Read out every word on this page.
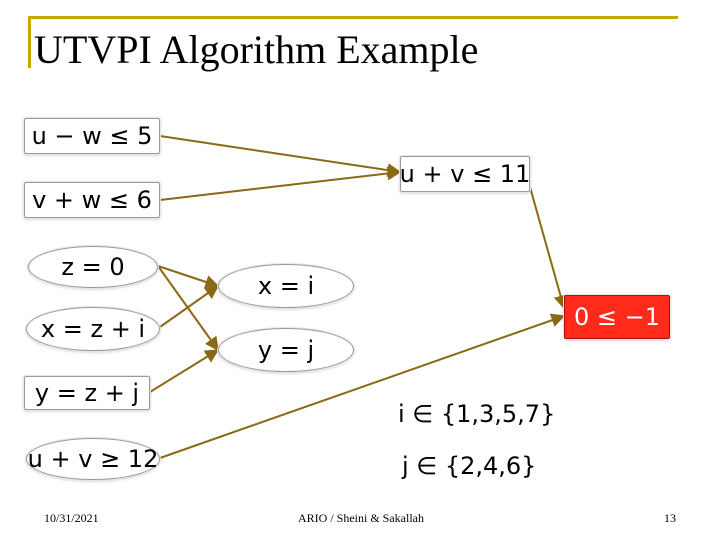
UTVPI Algorithm Example
u − w ≤ 5
v + w ≤ 6
z = 0
x = z + i
y = z + j
u + v ≥ 12
u + v ≤ 11
x = i
y = j
0 ≤ −1
i ∈ {1,3,5,7}
j ∈ {2,4,6}
10/31/2021	ARIO / Sheini & Sakallah	13
